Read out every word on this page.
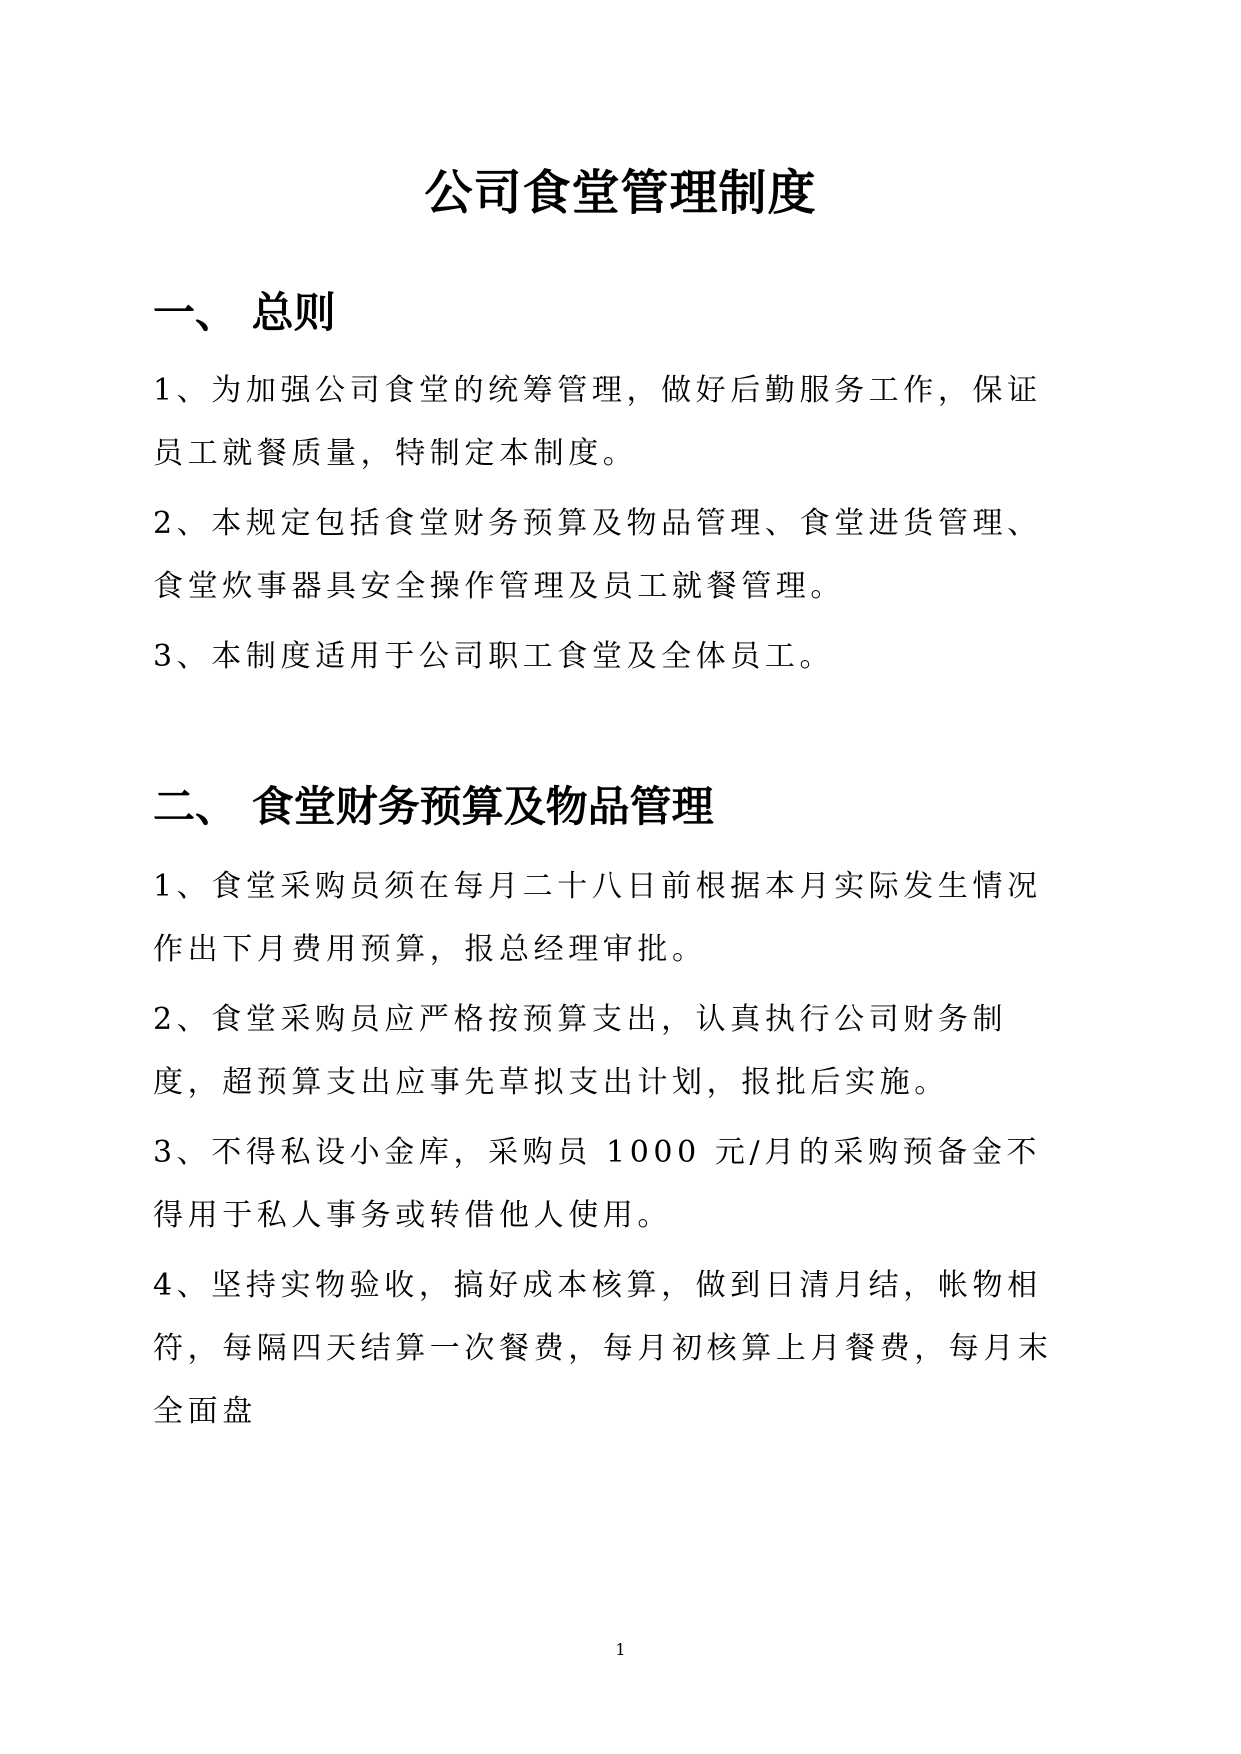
公司食堂管理制度
一、 总则

1、为加强公司食堂的统筹管理，做好后勤服务工作，保证员工就餐质量，特制定本制度。

2、本规定包括食堂财务预算及物品管理、食堂进货管理、食堂炊事器具安全操作管理及员工就餐管理。

3、本制度适用于公司职工食堂及全体员工。

二、 食堂财务预算及物品管理

1、食堂采购员须在每月二十八日前根据本月实际发生情况作出下月费用预算，报总经理审批。

2、食堂采购员应严格按预算支出，认真执行公司财务制度，超预算支出应事先草拟支出计划，报批后实施。

3、不得私设小金库，采购员 1000 元/月的采购预备金不得用于私人事务或转借他人使用。

4、坚持实物验收，搞好成本核算，做到日清月结，帐物相符，每隔四天结算一次餐费，每月初核算上月餐费，每月末全面盘

1
